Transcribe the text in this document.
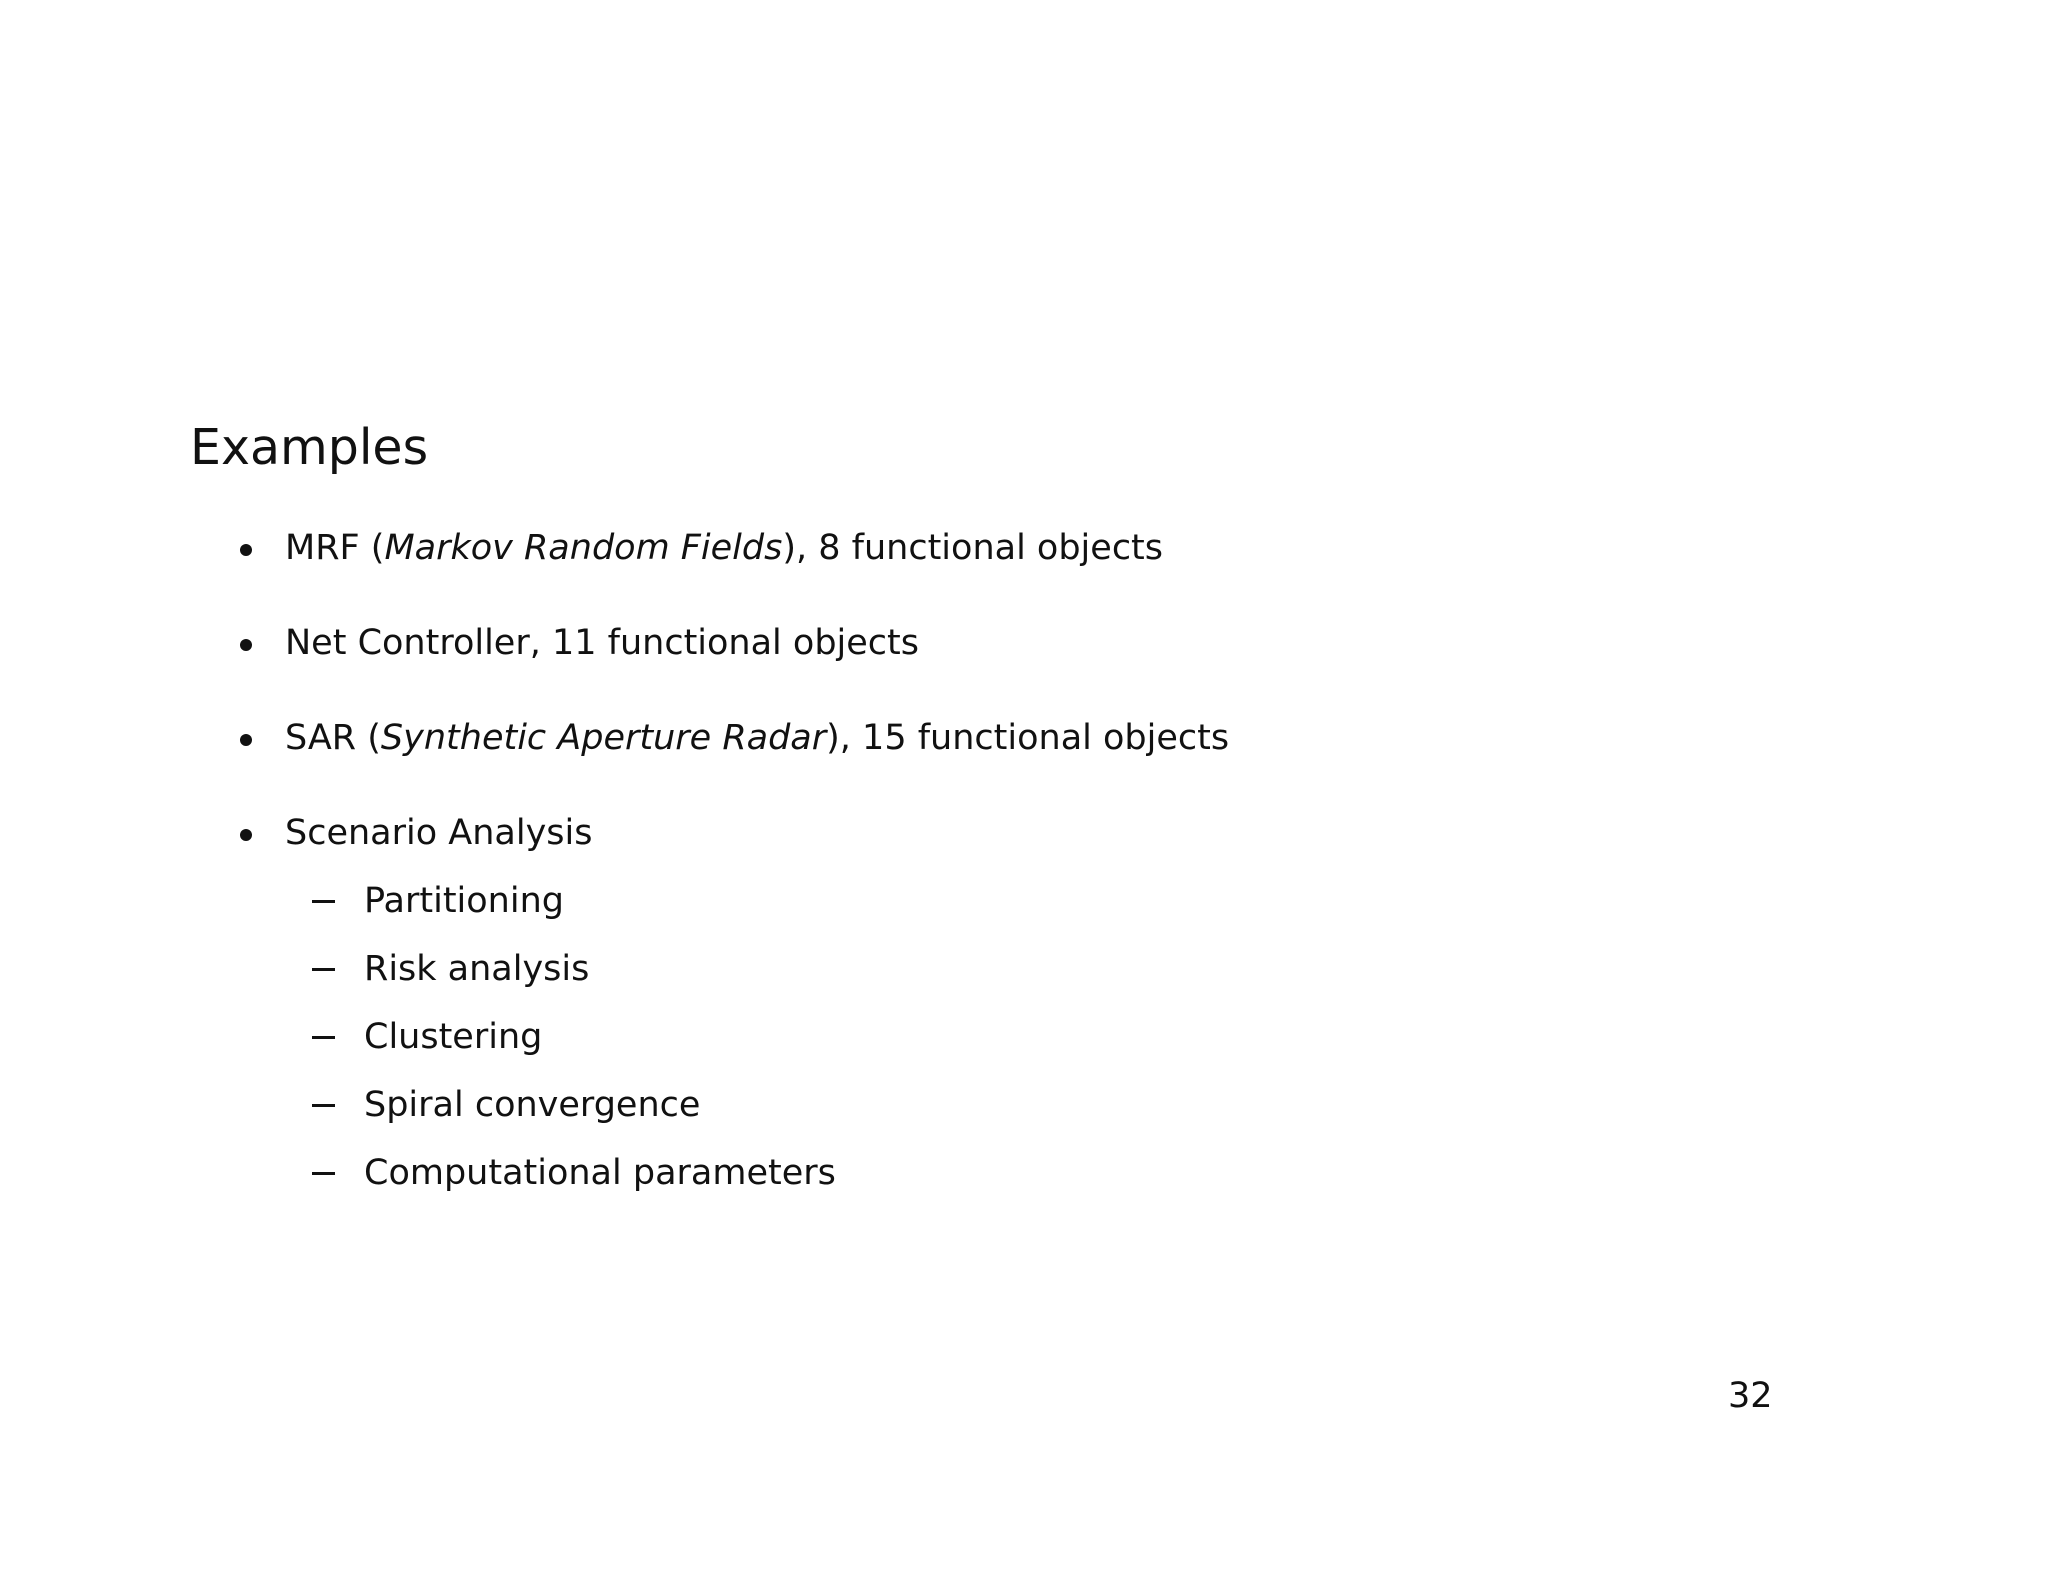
Examples
MRF (Markov Random Fields), 8 functional objects
Net Controller, 11 functional objects
SAR (Synthetic Aperture Radar), 15 functional objects
Scenario Analysis
Partitioning
Risk analysis
Clustering
Spiral convergence
Computational parameters
32
